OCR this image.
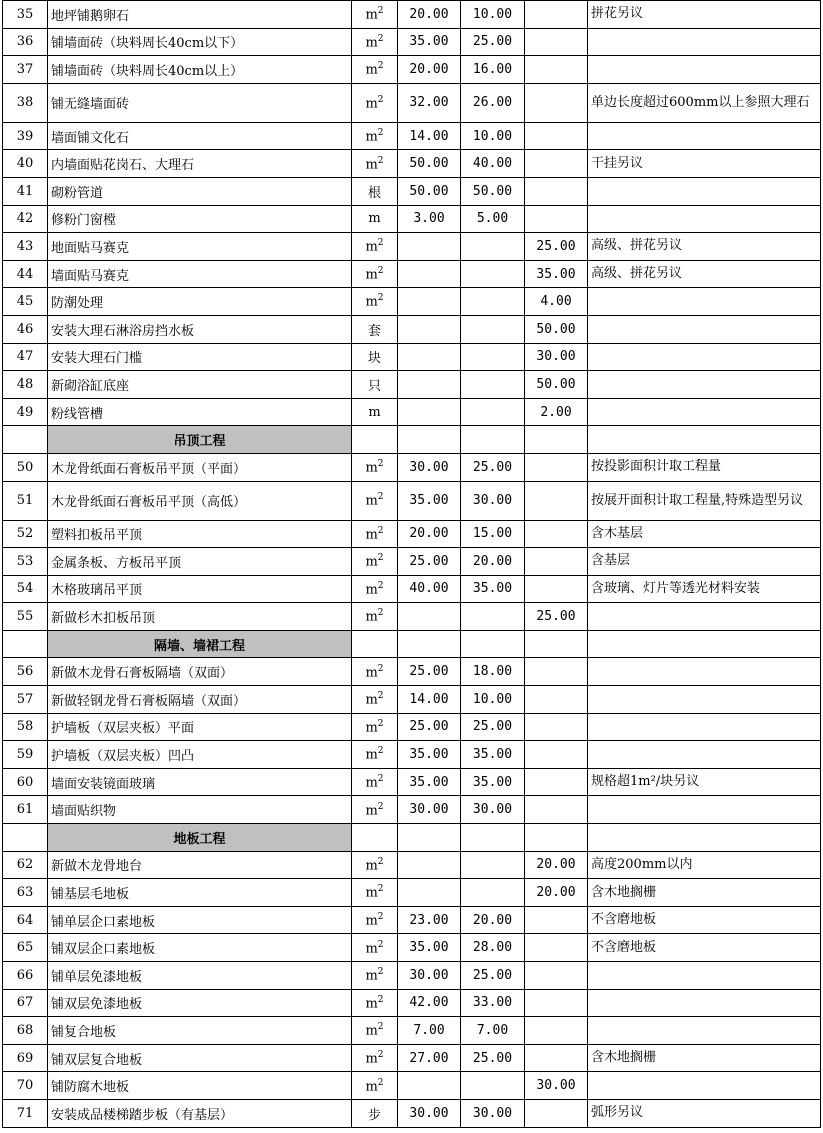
35	地坪铺鹅卵石	$m^2$	20.00	10.00		拼花另议
36	铺墙面砖（块料周长40cm以下）	$m^2$	35.00	25.00		
37	铺墙面砖（块料周长40cm以上）	$m^2$	20.00	16.00		
38	铺无缝墙面砖	$m^2$	32.00	26.00		单边长度超过600mm以上参照大理石
39	墙面铺文化石	$m^2$	14.00	10.00		
40	内墙面贴花岗石、大理石	$m^2$	50.00	40.00		干挂另议
41	砌粉管道	根	50.00	50.00		
42	修粉门窗樘	m	3.00	5.00		
43	地面贴马赛克	$m^2$			25.00	高级、拼花另议
44	墙面贴马赛克	$m^2$			35.00	高级、拼花另议
45	防潮处理	$m^2$			4.00	
46	安装大理石淋浴房挡水板	套			50.00	
47	安装大理石门槛	块			30.00	
48	新砌浴缸底座	只			50.00	
49	粉线管槽	m			2.00	
	吊顶工程					
50	木龙骨纸面石膏板吊平顶（平面）	$m^2$	30.00	25.00		按投影面积计取工程量
51	木龙骨纸面石膏板吊平顶（高低）	$m^2$	35.00	30.00		按展开面积计取工程量,特殊造型另议
52	塑料扣板吊平顶	$m^2$	20.00	15.00		含木基层
53	金属条板、方板吊平顶	$m^2$	25.00	20.00		含基层
54	木格玻璃吊平顶	$m^2$	40.00	35.00		含玻璃、灯片等透光材料安装
55	新做杉木扣板吊顶	$m^2$			25.00	
	隔墙、墙裙工程					
56	新做木龙骨石膏板隔墙（双面）	$m^2$	25.00	18.00		
57	新做轻钢龙骨石膏板隔墙（双面）	$m^2$	14.00	10.00		
58	护墙板（双层夹板）平面	$m^2$	25.00	25.00		
59	护墙板（双层夹板）凹凸	$m^2$	35.00	35.00		
60	墙面安装镜面玻璃	$m^2$	35.00	35.00		规格超1m²/块另议
61	墙面贴织物	$m^2$	30.00	30.00		
	地板工程					
62	新做木龙骨地台	$m^2$			20.00	高度200mm以内
63	铺基层毛地板	$m^2$			20.00	含木地搁栅
64	铺单层企口素地板	$m^2$	23.00	20.00		不含磨地板
65	铺双层企口素地板	$m^2$	35.00	28.00		不含磨地板
66	铺单层免漆地板	$m^2$	30.00	25.00		
67	铺双层免漆地板	$m^2$	42.00	33.00		
68	铺复合地板	$m^2$	7.00	7.00		
69	铺双层复合地板	$m^2$	27.00	25.00		含木地搁栅
70	铺防腐木地板	$m^2$			30.00	
71	安装成品楼梯踏步板（有基层）	步	30.00	30.00		弧形另议
